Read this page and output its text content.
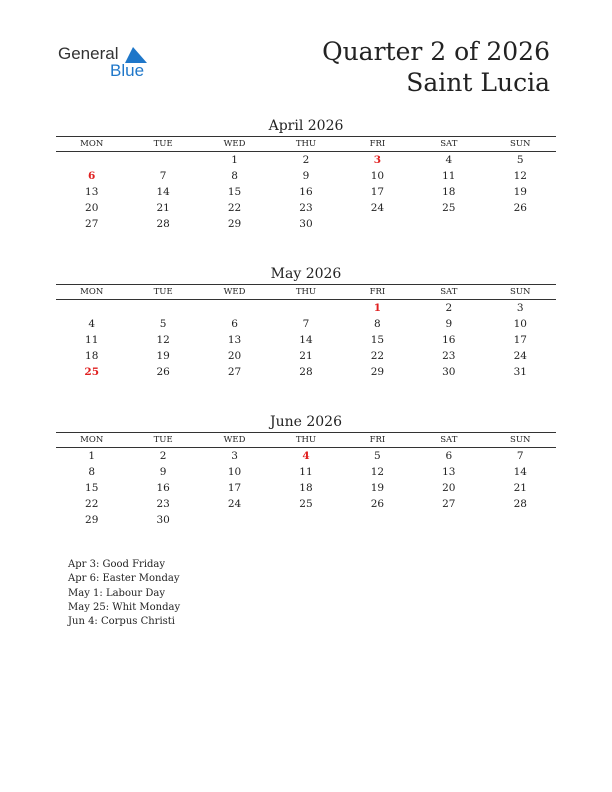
General
Blue
Quarter 2 of 2026
Saint Lucia
April 2026
MON	TUE	WED	THU	FRI	SAT	SUN
		1	2	3	4	5
6	7	8	9	10	11	12
13	14	15	16	17	18	19
20	21	22	23	24	25	26
27	28	29	30			
May 2026
MON	TUE	WED	THU	FRI	SAT	SUN
				1	2	3
4	5	6	7	8	9	10
11	12	13	14	15	16	17
18	19	20	21	22	23	24
25	26	27	28	29	30	31
June 2026
MON	TUE	WED	THU	FRI	SAT	SUN
1	2	3	4	5	6	7
8	9	10	11	12	13	14
15	16	17	18	19	20	21
22	23	24	25	26	27	28
29	30					
Apr 3: Good Friday
Apr 6: Easter Monday
May 1: Labour Day
May 25: Whit Monday
Jun 4: Corpus Christi
